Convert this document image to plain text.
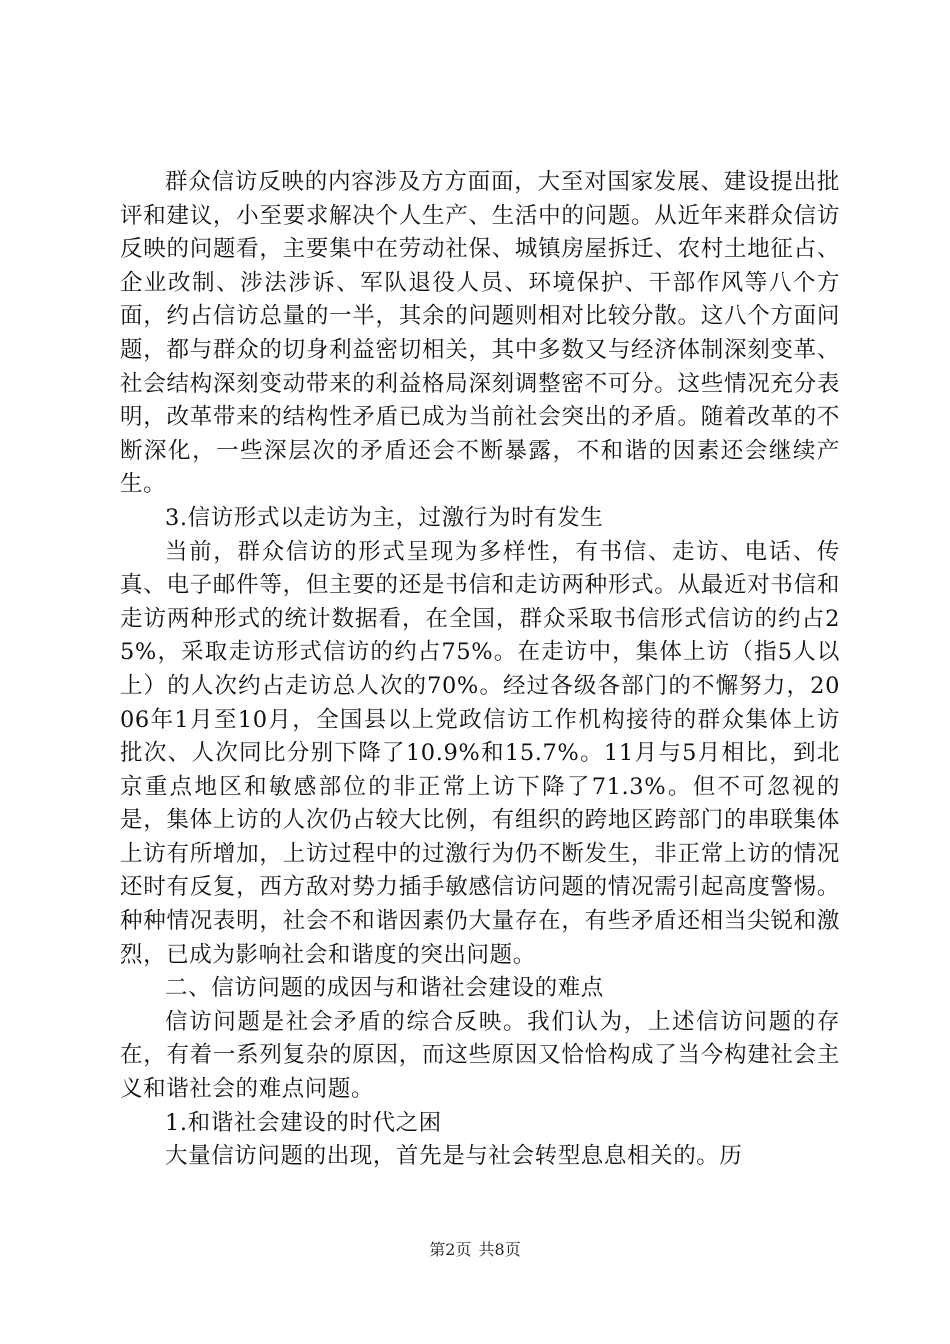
群众信访反映的内容涉及方方面面，大至对国家发展、建设提出批评和建议，小至要求解决个人生产、生活中的问题。从近年来群众信访反映的问题看，主要集中在劳动社保、城镇房屋拆迁、农村土地征占、企业改制、涉法涉诉、军队退役人员、环境保护、干部作风等八个方面，约占信访总量的一半，其余的问题则相对比较分散。这八个方面问题，都与群众的切身利益密切相关，其中多数又与经济体制深刻变革、社会结构深刻变动带来的利益格局深刻调整密不可分。这些情况充分表明，改革带来的结构性矛盾已成为当前社会突出的矛盾。随着改革的不断深化，一些深层次的矛盾还会不断暴露，不和谐的因素还会继续产生。

3.信访形式以走访为主，过激行为时有发生

当前，群众信访的形式呈现为多样性，有书信、走访、电话、传真、电子邮件等，但主要的还是书信和走访两种形式。从最近对书信和走访两种形式的统计数据看，在全国，群众采取书信形式信访的约占25%，采取走访形式信访的约占75%。在走访中，集体上访（指5人以上）的人次约占走访总人次的70%。经过各级各部门的不懈努力，2006年1月至10月，全国县以上党政信访工作机构接待的群众集体上访批次、人次同比分别下降了10.9%和15.7%。11月与5月相比，到北京重点地区和敏感部位的非正常上访下降了71.3%。但不可忽视的是，集体上访的人次仍占较大比例，有组织的跨地区跨部门的串联集体上访有所增加，上访过程中的过激行为仍不断发生，非正常上访的情况还时有反复，西方敌对势力插手敏感信访问题的情况需引起高度警惕。种种情况表明，社会不和谐因素仍大量存在，有些矛盾还相当尖锐和激烈，已成为影响社会和谐度的突出问题。

二、信访问题的成因与和谐社会建设的难点

信访问题是社会矛盾的综合反映。我们认为，上述信访问题的存在，有着一系列复杂的原因，而这些原因又恰恰构成了当今构建社会主义和谐社会的难点问题。

1.和谐社会建设的时代之困

大量信访问题的出现，首先是与社会转型息息相关的。历

第2页 共8页
